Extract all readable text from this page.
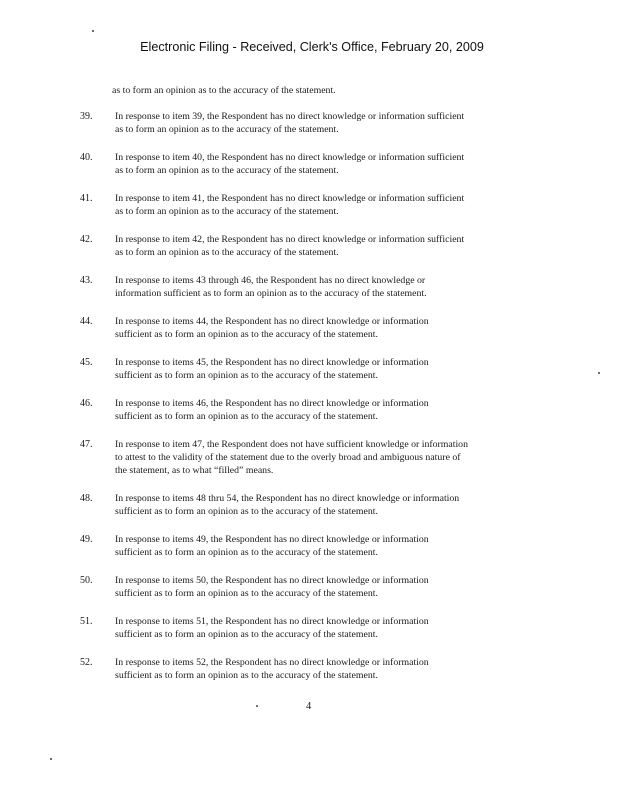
Electronic Filing - Received, Clerk's Office, February 20, 2009
as to form an opinion as to the accuracy of the statement.
39. In response to item 39, the Respondent has no direct knowledge or information sufficient
as to form an opinion as to the accuracy of the statement.
40. In response to item 40, the Respondent has no direct knowledge or information sufficient
as to form an opinion as to the accuracy of the statement.
41. In response to item 41, the Respondent has no direct knowledge or information sufficient
as to form an opinion as to the accuracy of the statement.
42. In response to item 42, the Respondent has no direct knowledge or information sufficient
as to form an opinion as to the accuracy of the statement.
43. In response to items 43 through 46, the Respondent has no direct knowledge or
information sufficient as to form an opinion as to the accuracy of the statement.
44. In response to items 44, the Respondent has no direct knowledge or information
sufficient as to form an opinion as to the accuracy of the statement.
45. In response to items 45, the Respondent has no direct knowledge or information
sufficient as to form an opinion as to the accuracy of the statement.
46. In response to items 46, the Respondent has no direct knowledge or information
sufficient as to form an opinion as to the accuracy of the statement.
47. In response to item 47, the Respondent does not have sufficient knowledge or information
to attest to the validity of the statement due to the overly broad and ambiguous nature of
the statement, as to what “filled” means.
48. In response to items 48 thru 54, the Respondent has no direct knowledge or information
sufficient as to form an opinion as to the accuracy of the statement.
49. In response to items 49, the Respondent has no direct knowledge or information
sufficient as to form an opinion as to the accuracy of the statement.
50. In response to items 50, the Respondent has no direct knowledge or information
sufficient as to form an opinion as to the accuracy of the statement.
51. In response to items 51, the Respondent has no direct knowledge or information
sufficient as to form an opinion as to the accuracy of the statement.
52. In response to items 52, the Respondent has no direct knowledge or information
sufficient as to form an opinion as to the accuracy of the statement.
4
